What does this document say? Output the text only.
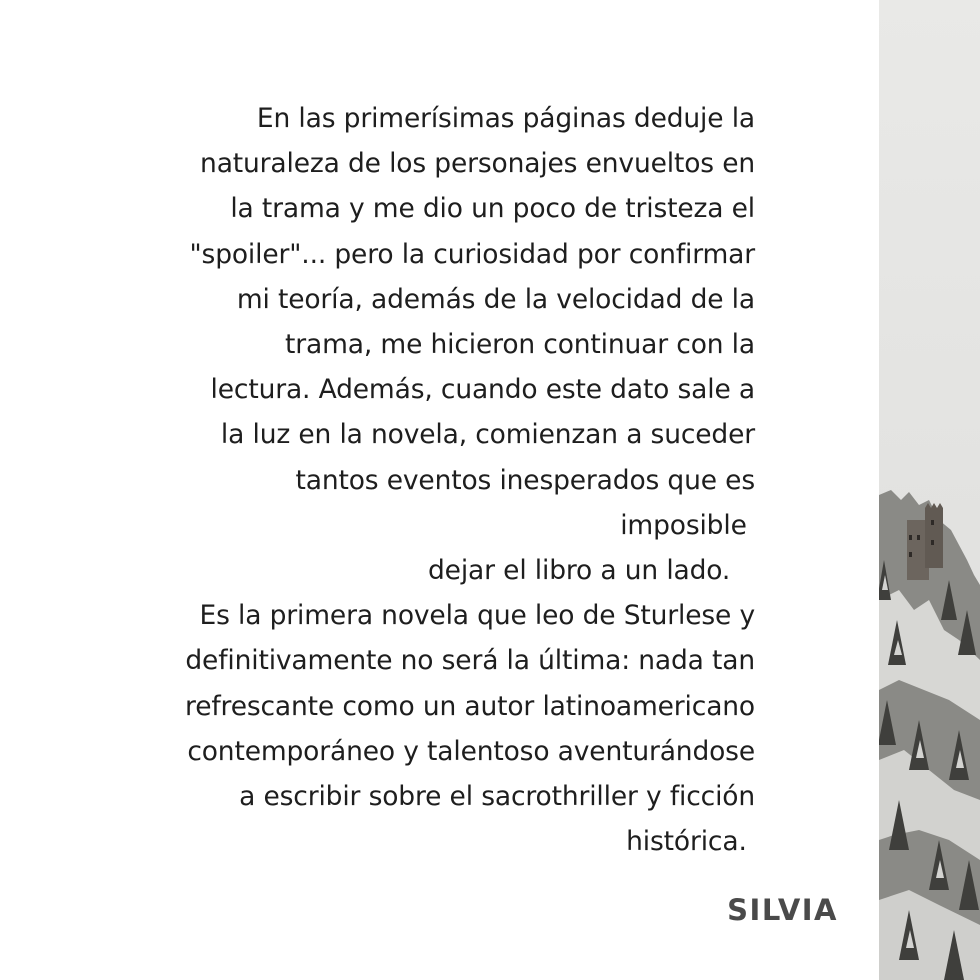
En las primerísimas páginas deduje la
naturaleza de los personajes envueltos en
la trama y me dio un poco de tristeza el
"spoiler"... pero la curiosidad por confirmar
mi teoría, además de la velocidad de la
trama, me hicieron continuar con la
lectura. Además, cuando este dato sale a
la luz en la novela, comienzan a suceder
tantos eventos inesperados que es
imposible
dejar el libro a un lado.
Es la primera novela que leo de Sturlese y
definitivamente no será la última: nada tan
refrescante como un autor latinoamericano
contemporáneo y talentoso aventurándose
a escribir sobre el sacrothriller y ficción
histórica.
SILVIA
